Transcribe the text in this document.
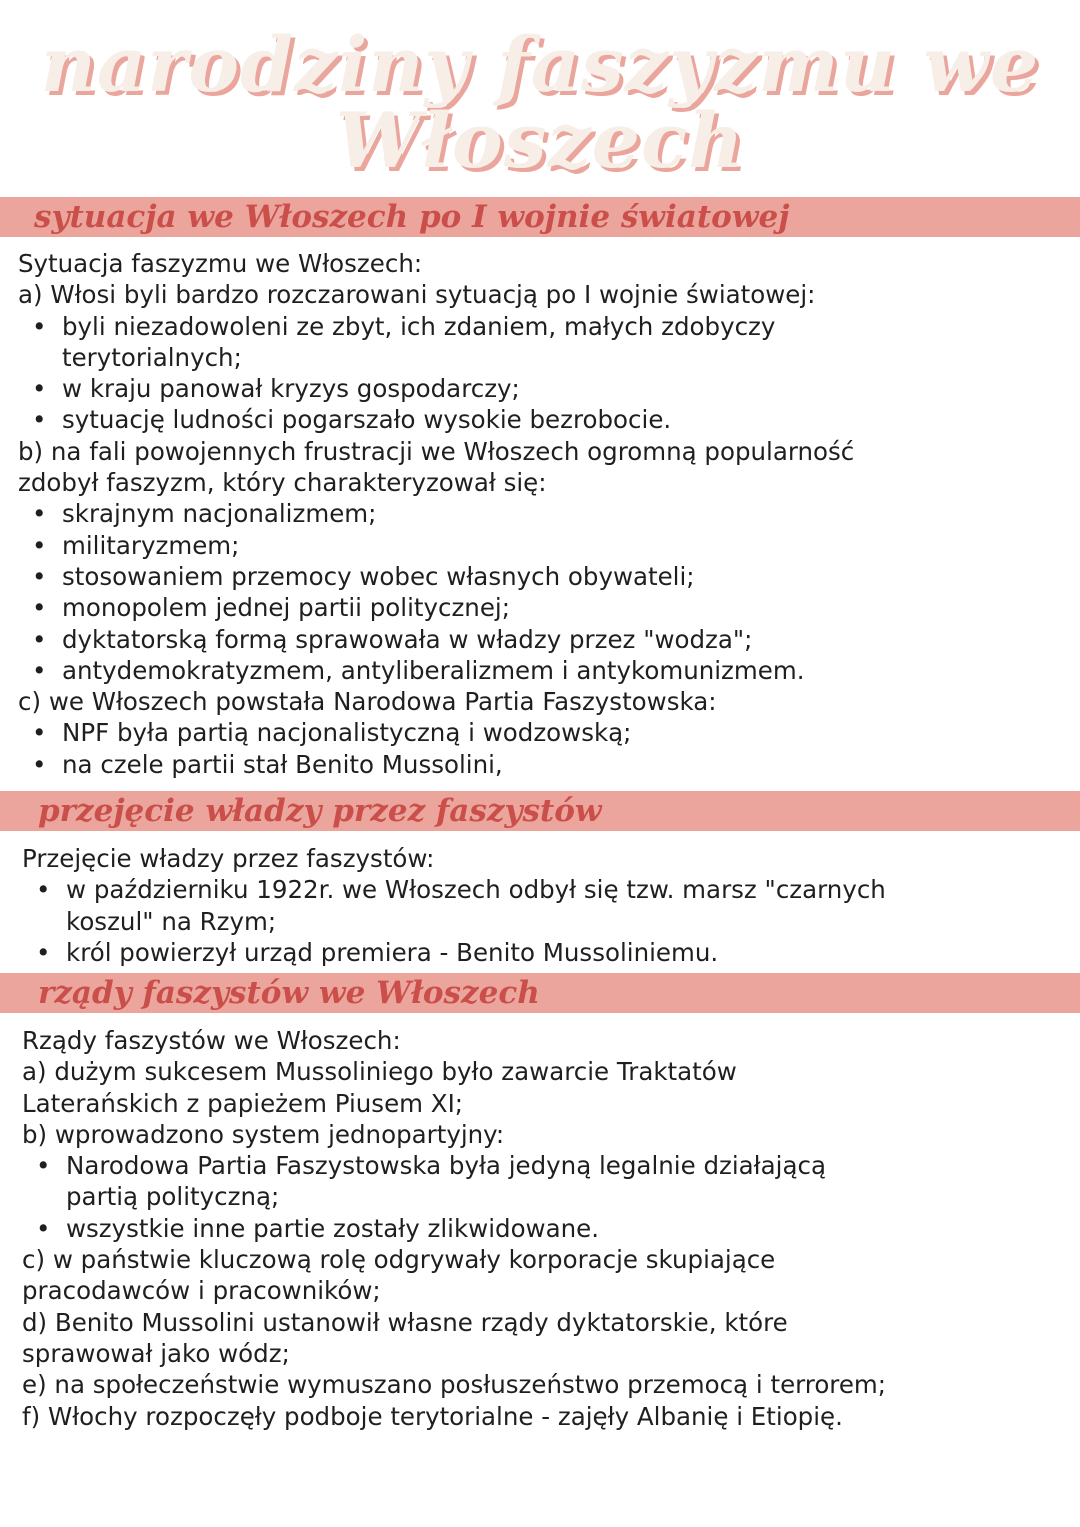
narodziny faszyzmu we
Włoszech
sytuacja we Włoszech po I wojnie światowej

Sytuacja faszyzmu we Włoszech:

a) Włosi byli bardzo rozczarowani sytuacją po I wojnie światowej:

• byli niezadowoleni ze zbyt, ich zdaniem, małych zdobyczy
terytorialnych;
• w kraju panował kryzys gospodarczy;
• sytuację ludności pogarszało wysokie bezrobocie.

b) na fali powojennych frustracji we Włoszech ogromną popularność

zdobył faszyzm, który charakteryzował się:

• skrajnym nacjonalizmem;
• militaryzmem;
• stosowaniem przemocy wobec własnych obywateli;
• monopolem jednej partii politycznej;
• dyktatorską formą sprawowała w władzy przez "wodza";
• antydemokratyzmem, antyliberalizmem i antykomunizmem.

c) we Włoszech powstała Narodowa Partia Faszystowska:

• NPF była partią nacjonalistyczną i wodzowską;
• na czele partii stał Benito Mussolini,
przejęcie władzy przez faszystów

Przejęcie władzy przez faszystów:

• w październiku 1922r. we Włoszech odbył się tzw. marsz "czarnych
koszul" na Rzym;
• król powierzył urząd premiera - Benito Mussoliniemu.
rządy faszystów we Włoszech

Rządy faszystów we Włoszech:

a) dużym sukcesem Mussoliniego było zawarcie Traktatów

Laterańskich z papieżem Piusem XI;

b) wprowadzono system jednopartyjny:

• Narodowa Partia Faszystowska była jedyną legalnie działającą
partią polityczną;
• wszystkie inne partie zostały zlikwidowane.

c) w państwie kluczową rolę odgrywały korporacje skupiające

pracodawców i pracowników;

d) Benito Mussolini ustanowił własne rządy dyktatorskie, które

sprawował jako wódz;

e) na społeczeństwie wymuszano posłuszeństwo przemocą i terrorem;

f) Włochy rozpoczęły podboje terytorialne - zajęły Albanię i Etiopię.
